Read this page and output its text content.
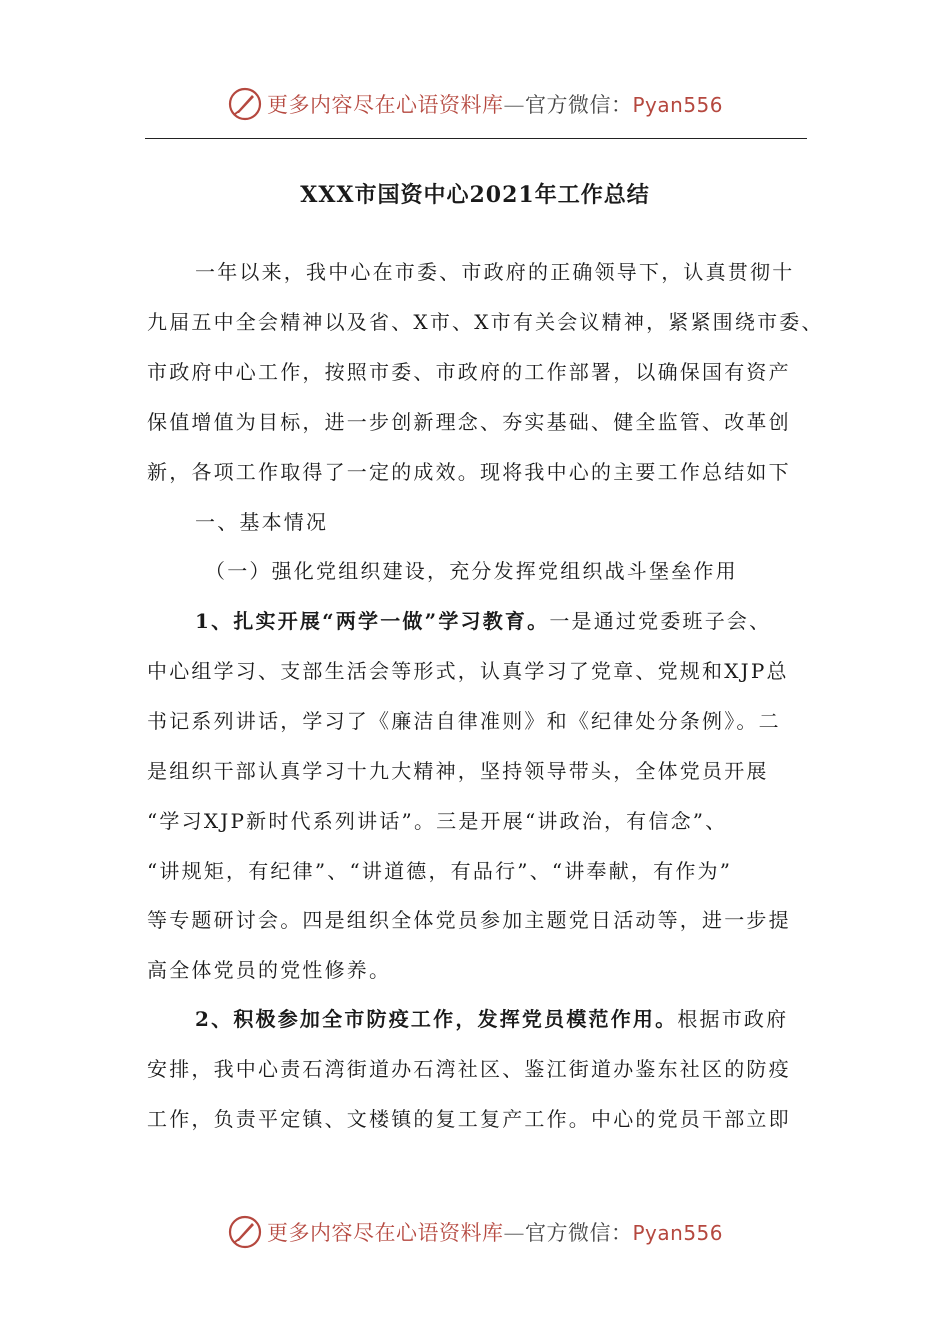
更多内容尽在心语资料库—官方微信：Pyan556
XXX市国资中心2021年工作总结
一年以来，我中心在市委、市政府的正确领导下，认真贯彻十
九届五中全会精神以及省、X市、X市有关会议精神，紧紧围绕市委、
市政府中心工作，按照市委、市政府的工作部署，以确保国有资产
保值增值为目标，进一步创新理念、夯实基础、健全监管、改革创
新，各项工作取得了一定的成效。现将我中心的主要工作总结如下
一、基本情况
（一）强化党组织建设，充分发挥党组织战斗堡垒作用
1、扎实开展“两学一做”学习教育。一是通过党委班子会、
中心组学习、支部生活会等形式，认真学习了党章、党规和XJP总
书记系列讲话，学习了《廉洁自律准则》和《纪律处分条例》。二
是组织干部认真学习十九大精神，坚持领导带头，全体党员开展
“学习XJP新时代系列讲话”。三是开展“讲政治，有信念”、
“讲规矩，有纪律”、“讲道德，有品行”、“讲奉献，有作为”
等专题研讨会。四是组织全体党员参加主题党日活动等，进一步提
高全体党员的党性修养。
2、积极参加全市防疫工作，发挥党员模范作用。根据市政府
安排，我中心责石湾街道办石湾社区、鉴江街道办鉴东社区的防疫
工作，负责平定镇、文楼镇的复工复产工作。中心的党员干部立即
更多内容尽在心语资料库—官方微信：Pyan556
